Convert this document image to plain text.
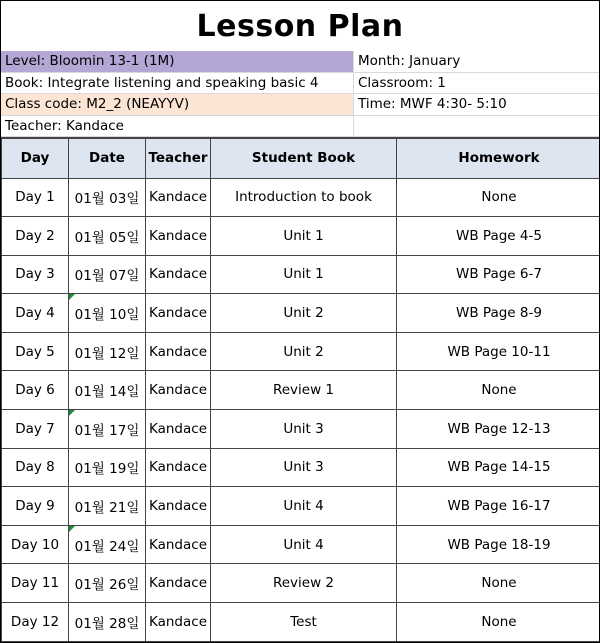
Lesson Plan
Level: Bloomin 13-1 (1M)	Month: January
Book: Integrate listening and speaking basic 4	Classroom: 1
Class code: M2_2 (NEAYYV)	Time: MWF 4:30- 5:10
Teacher: Kandace
Day	Date	Teacher	Student Book	Homework
Day 1	01월 03일	Kandace	Introduction to book	None
Day 2	01월 05일	Kandace	Unit 1	WB Page 4-5
Day 3	01월 07일	Kandace	Unit 1	WB Page 6-7
Day 4	01월 10일	Kandace	Unit 2	WB Page 8-9
Day 5	01월 12일	Kandace	Unit 2	WB Page 10-11
Day 6	01월 14일	Kandace	Review 1	None
Day 7	01월 17일	Kandace	Unit 3	WB Page 12-13
Day 8	01월 19일	Kandace	Unit 3	WB Page 14-15
Day 9	01월 21일	Kandace	Unit 4	WB Page 16-17
Day 10	01월 24일	Kandace	Unit 4	WB Page 18-19
Day 11	01월 26일	Kandace	Review 2	None
Day 12	01월 28일	Kandace	Test	None
